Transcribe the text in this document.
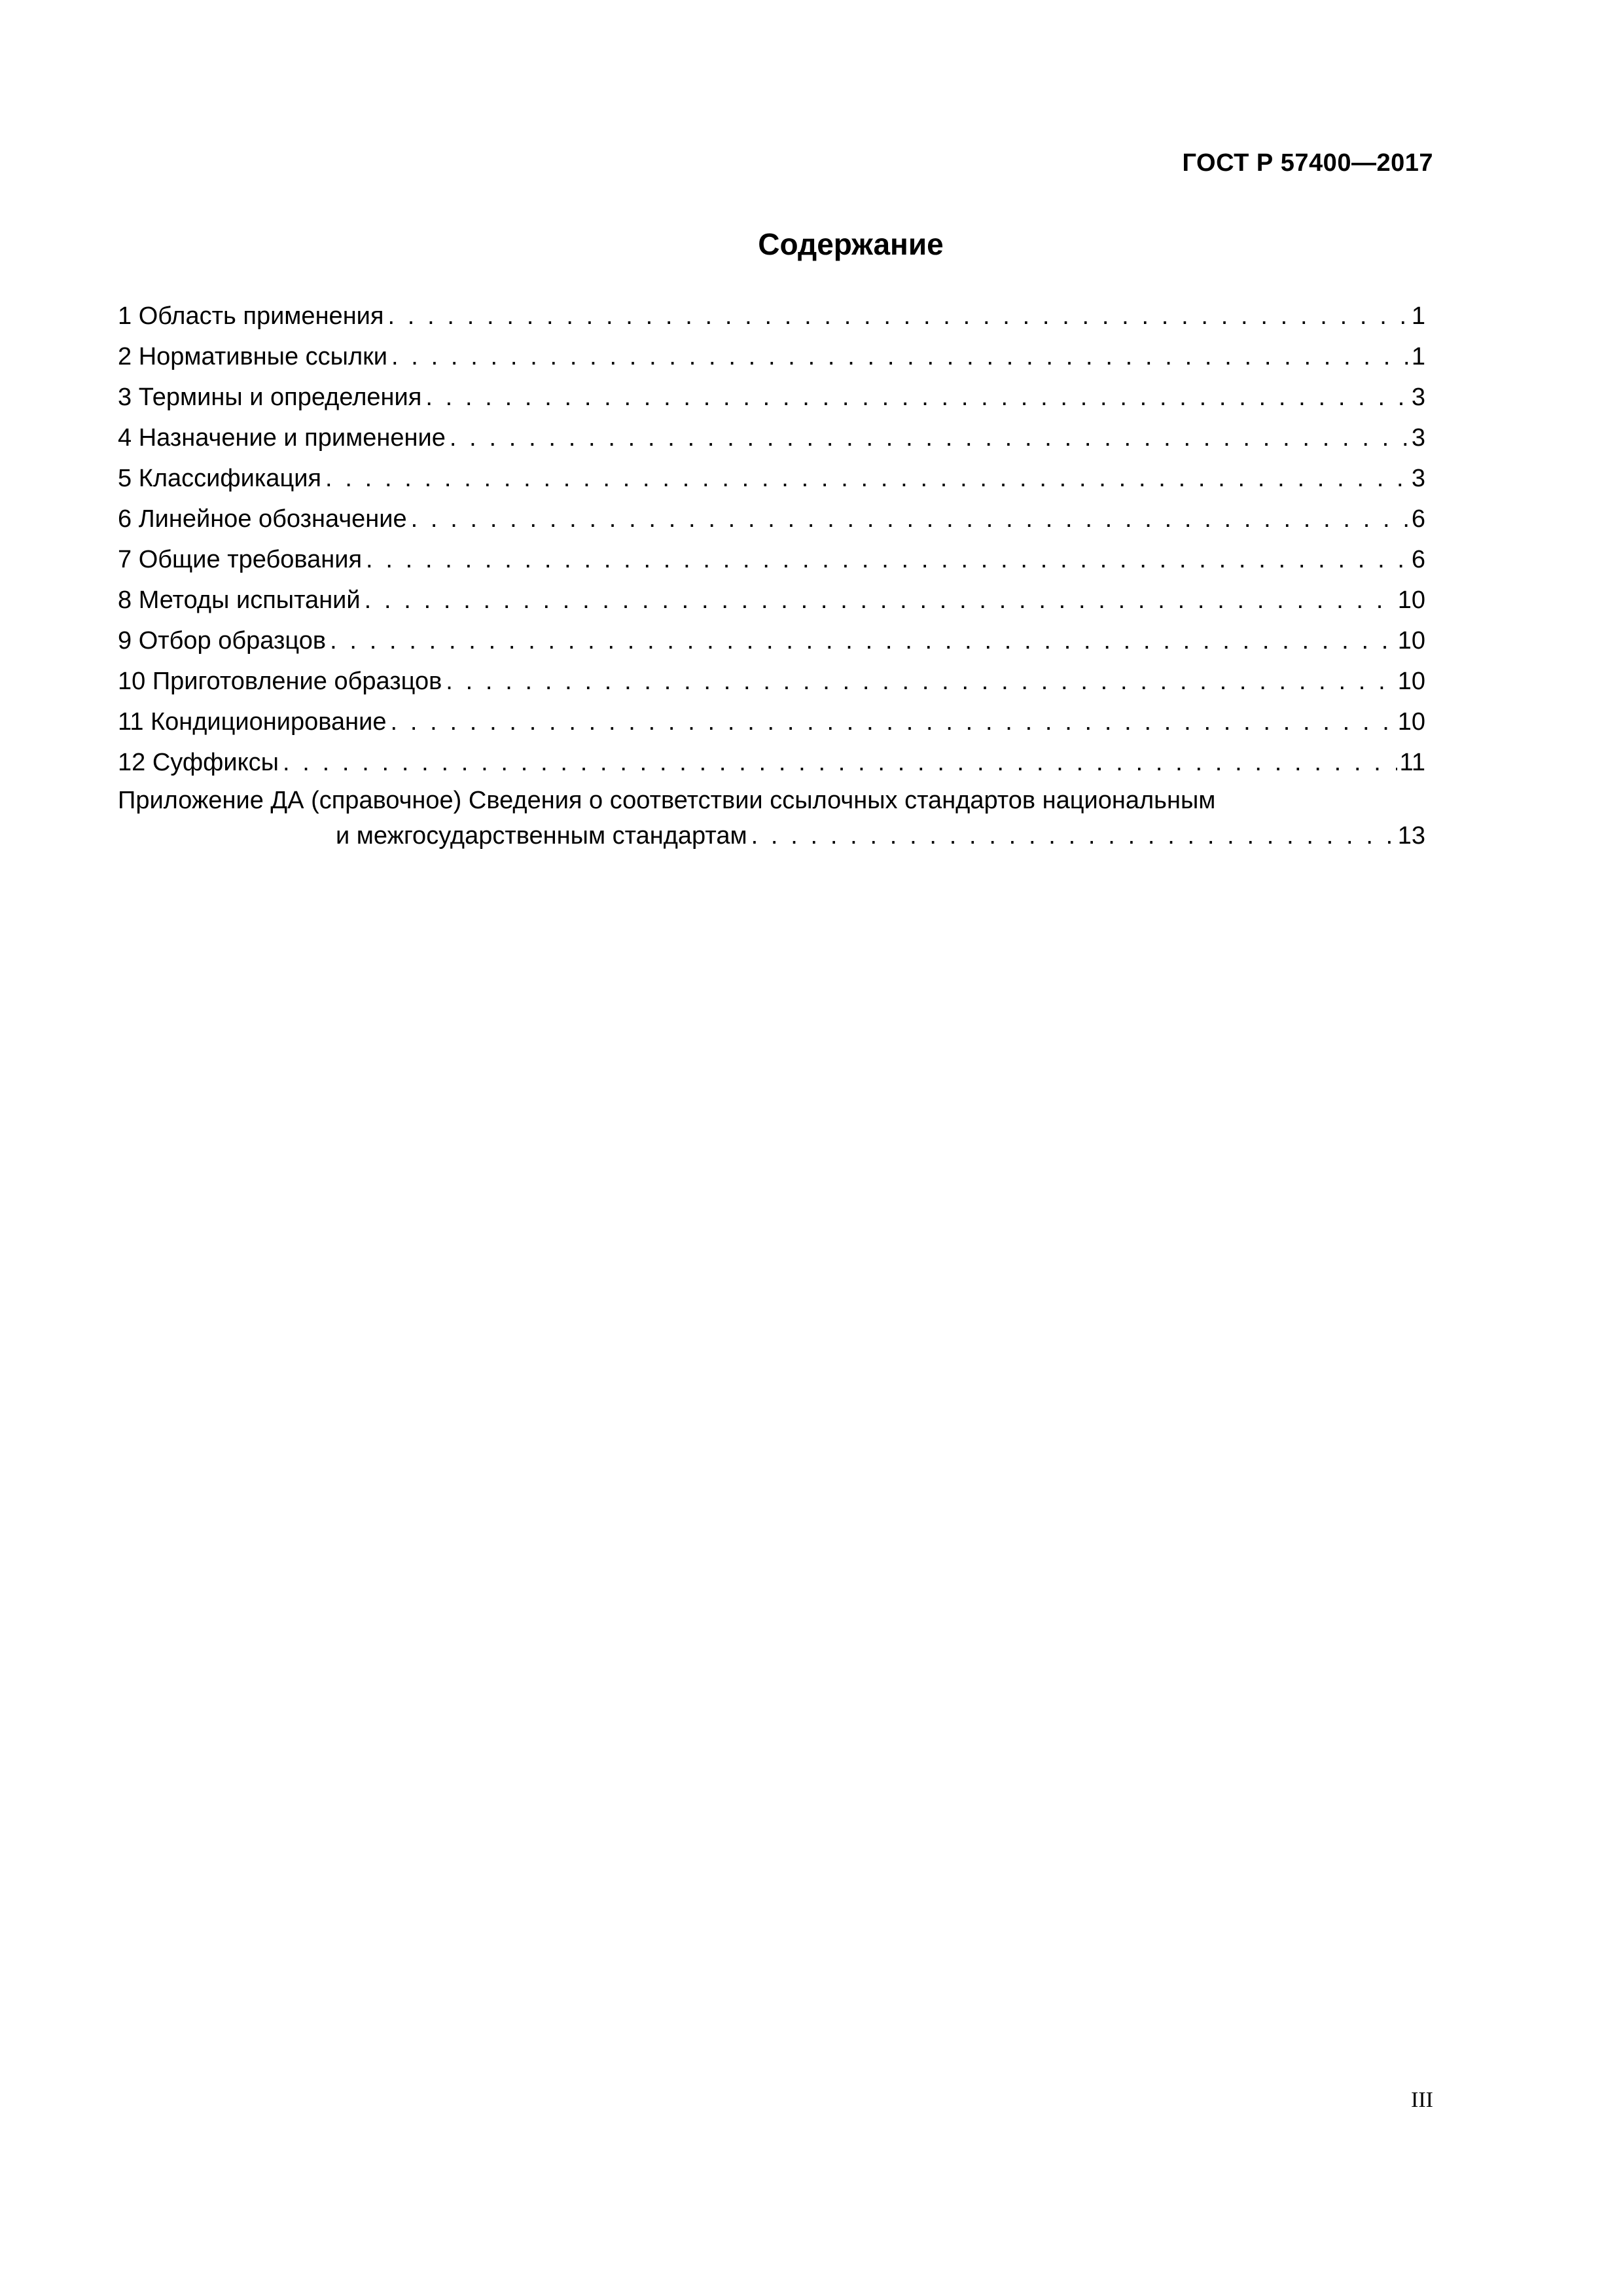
ГОСТ Р 57400—2017
Содержание
1 Область применения . . .	1
2 Нормативные ссылки . . .	1
3 Термины и определения . . .	3
4 Назначение и применение . . .	3
5 Классификация . . .	3
6 Линейное обозначение . . .	6
7 Общие требования . . .	6
8 Методы испытаний . . .	10
9 Отбор образцов . . .	10
10 Приготовление образцов . . .	10
11 Кондиционирование . . .	10
12 Суффиксы . . .	11
Приложение ДА (справочное) Сведения о соответствии ссылочных стандартов национальным
и межгосударственным стандартам . . .	13
III
